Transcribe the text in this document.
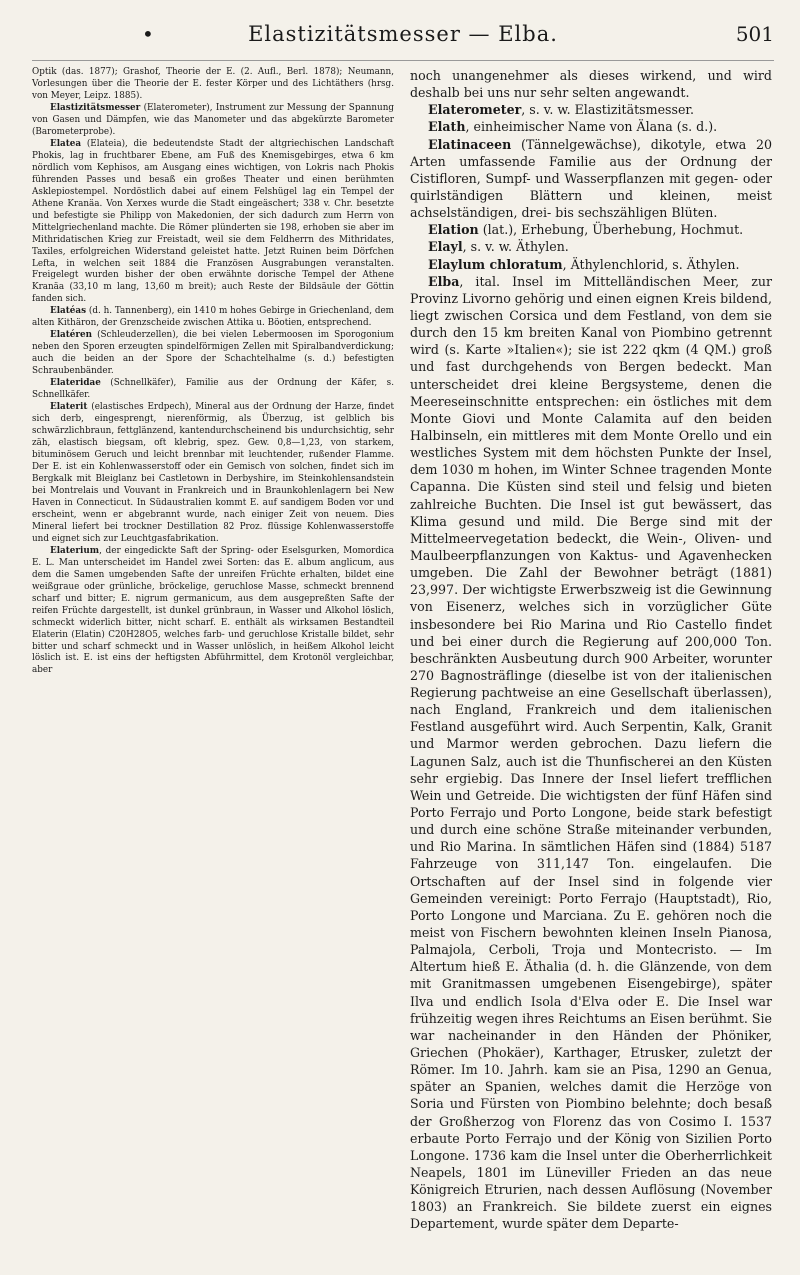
•	Elastizitätsmesser — Elba.	501

Optik (das. 1877); Grashof, Theorie der E. (2. Aufl., Berl. 1878); Neumann, Vorlesungen über die Theorie der E. fester Körper und des Lichtäthers (hrsg. von Meyer, Leipz. 1885).

Elastizitätsmesser (Elaterometer), Instrument zur Messung der Spannung von Gasen und Dämpfen, wie das Manometer und das abgekürzte Barometer (Barometerprobe).

Elatea (Elateia), die bedeutendste Stadt der altgriechischen Landschaft Phokis, lag in fruchtbarer Ebene, am Fuß des Knemisgebirges, etwa 6 km nördlich vom Kephisos, am Ausgang eines wichtigen, von Lokris nach Phokis führenden Passes und besaß ein großes Theater und einen berühmten Asklepiostempel. Nordöstlich dabei auf einem Felshügel lag ein Tempel der Athene Kranäa. Von Xerxes wurde die Stadt eingeäschert; 338 v. Chr. besetzte und befestigte sie Philipp von Makedonien, der sich dadurch zum Herrn von Mittelgriechenland machte. Die Römer plünderten sie 198, erhoben sie aber im Mithridatischen Krieg zur Freistadt, weil sie dem Feldherrn des Mithridates, Taxiles, erfolgreichen Widerstand geleistet hatte. Jetzt Ruinen beim Dörfchen Lefta, in welchen seit 1884 die Französen Ausgrabungen veranstalten. Freigelegt wurden bisher der oben erwähnte dorische Tempel der Athene Kranäa (33,10 m lang, 13,60 m breit); auch Reste der Bildsäule der Göttin fanden sich.

Elatéas (d. h. Tannenberg), ein 1410 m hohes Gebirge in Griechenland, dem alten Kithäron, der Grenzscheide zwischen Attika u. Böotien, entsprechend.

Elatéren (Schleuderzellen), die bei vielen Lebermoosen im Sporogonium neben den Sporen erzeugten spindelförmigen Zellen mit Spiralbandverdickung; auch die beiden an der Spore der Schachtelhalme (s. d.) befestigten Schraubenbänder.

Elateridae (Schnellkäfer), Familie aus der Ordnung der Käfer, s. Schnellkäfer.

Elaterit (elastisches Erdpech), Mineral aus der Ordnung der Harze, findet sich derb, eingesprengt, nierenförmig, als Überzug, ist gelblich bis schwärzlichbraun, fettglänzend, kantendurchscheinend bis undurchsichtig, sehr zäh, elastisch biegsam, oft klebrig, spez. Gew. 0,8—1,23, von starkem, bituminösem Geruch und leicht brennbar mit leuchtender, rußender Flamme. Der E. ist ein Kohlenwasserstoff oder ein Gemisch von solchen, findet sich im Bergkalk mit Bleiglanz bei Castletown in Derbyshire, im Steinkohlensandstein bei Montrelais und Vouvant in Frankreich und in Braunkohlenlagern bei New Haven in Connecticut. In Südaustralien kommt E. auf sandigem Boden vor und erscheint, wenn er abgebrannt wurde, nach einiger Zeit von neuem. Dies Mineral liefert bei trockner Destillation 82 Proz. flüssige Kohlenwasserstoffe und eignet sich zur Leuchtgasfabrikation.

Elaterium, der eingedickte Saft der Spring- oder Eselsgurken, Momordica E. L. Man unterscheidet im Handel zwei Sorten: das E. album anglicum, aus dem die Samen umgebenden Safte der unreifen Früchte erhalten, bildet eine weißgraue oder grünliche, bröckelige, geruchlose Masse, schmeckt brennend scharf und bitter; E. nigrum germanicum, aus dem ausgepreßten Safte der reifen Früchte dargestellt, ist dunkel grünbraun, in Wasser und Alkohol löslich, schmeckt widerlich bitter, nicht scharf. E. enthält als wirksamen Bestandteil Elaterin (Elatin) C20H28O5, welches farb- und geruchlose Kristalle bildet, sehr bitter und scharf schmeckt und in Wasser unlöslich, in heißem Alkohol leicht löslich ist. E. ist eins der heftigsten Abführmittel, dem Krotonöl vergleichbar, aber

noch unangenehmer als dieses wirkend, und wird deshalb bei uns nur sehr selten angewandt.

Elaterometer, s. v. w. Elastizitätsmesser.

Elath, einheimischer Name von Älana (s. d.).

Elatinaceen (Tännelgewächse), dikotyle, etwa 20 Arten umfassende Familie aus der Ordnung der Cistifloren, Sumpf- und Wasserpflanzen mit gegen- oder quirlständigen Blättern und kleinen, meist achselständigen, drei- bis sechszähligen Blüten.

Elation (lat.), Erhebung, Überhebung, Hochmut.

Elayl, s. v. w. Äthylen.

Elaylum chloratum, Äthylenchlorid, s. Äthylen.

Elba, ital. Insel im Mittelländischen Meer, zur Provinz Livorno gehörig und einen eignen Kreis bildend, liegt zwischen Corsica und dem Festland, von dem sie durch den 15 km breiten Kanal von Piombino getrennt wird (s. Karte »Italien«); sie ist 222 qkm (4 QM.) groß und fast durchgehends von Bergen bedeckt. Man unterscheidet drei kleine Bergsysteme, denen die Meereseinschnitte entsprechen: ein östliches mit dem Monte Giovi und Monte Calamita auf den beiden Halbinseln, ein mittleres mit dem Monte Orello und ein westliches System mit dem höchsten Punkte der Insel, dem 1030 m hohen, im Winter Schnee tragenden Monte Capanna. Die Küsten sind steil und felsig und bieten zahlreiche Buchten. Die Insel ist gut bewässert, das Klima gesund und mild. Die Berge sind mit der Mittelmeervegetation bedeckt, die Wein-, Oliven- und Maulbeerpflanzungen von Kaktus- und Agavenhecken umgeben. Die Zahl der Bewohner beträgt (1881) 23,997. Der wichtigste Erwerbszweig ist die Gewinnung von Eisenerz, welches sich in vorzüglicher Güte insbesondere bei Rio Marina und Rio Castello findet und bei einer durch die Regierung auf 200,000 Ton. beschränkten Ausbeutung durch 900 Arbeiter, worunter 270 Bagnosträflinge (dieselbe ist von der italienischen Regierung pachtweise an eine Gesellschaft überlassen), nach England, Frankreich und dem italienischen Festland ausgeführt wird. Auch Serpentin, Kalk, Granit und Marmor werden gebrochen. Dazu liefern die Lagunen Salz, auch ist die Thunfischerei an den Küsten sehr ergiebig. Das Innere der Insel liefert trefflichen Wein und Getreide. Die wichtigsten der fünf Häfen sind Porto Ferrajo und Porto Longone, beide stark befestigt und durch eine schöne Straße miteinander verbunden, und Rio Marina. In sämtlichen Häfen sind (1884) 5187 Fahrzeuge von 311,147 Ton. eingelaufen. Die Ortschaften auf der Insel sind in folgende vier Gemeinden vereinigt: Porto Ferrajo (Hauptstadt), Rio, Porto Longone und Marciana. Zu E. gehören noch die meist von Fischern bewohnten kleinen Inseln Pianosa, Palmajola, Cerboli, Troja und Montecristo. — Im Altertum hieß E. Äthalia (d. h. die Glänzende, von dem mit Granitmassen umgebenen Eisengebirge), später Ilva und endlich Isola d'Elva oder E. Die Insel war frühzeitig wegen ihres Reichtums an Eisen berühmt. Sie war nacheinander in den Händen der Phöniker, Griechen (Phokäer), Karthager, Etrusker, zuletzt der Römer. Im 10. Jahrh. kam sie an Pisa, 1290 an Genua, später an Spanien, welches damit die Herzöge von Soria und Fürsten von Piombino belehnte; doch besaß der Großherzog von Florenz das von Cosimo I. 1537 erbaute Porto Ferrajo und der König von Sizilien Porto Longone. 1736 kam die Insel unter die Oberherrlichkeit Neapels, 1801 im Lüneviller Frieden an das neue Königreich Etrurien, nach dessen Auflösung (November 1803) an Frankreich. Sie bildete zuerst ein eignes Departement, wurde später dem Departe-
